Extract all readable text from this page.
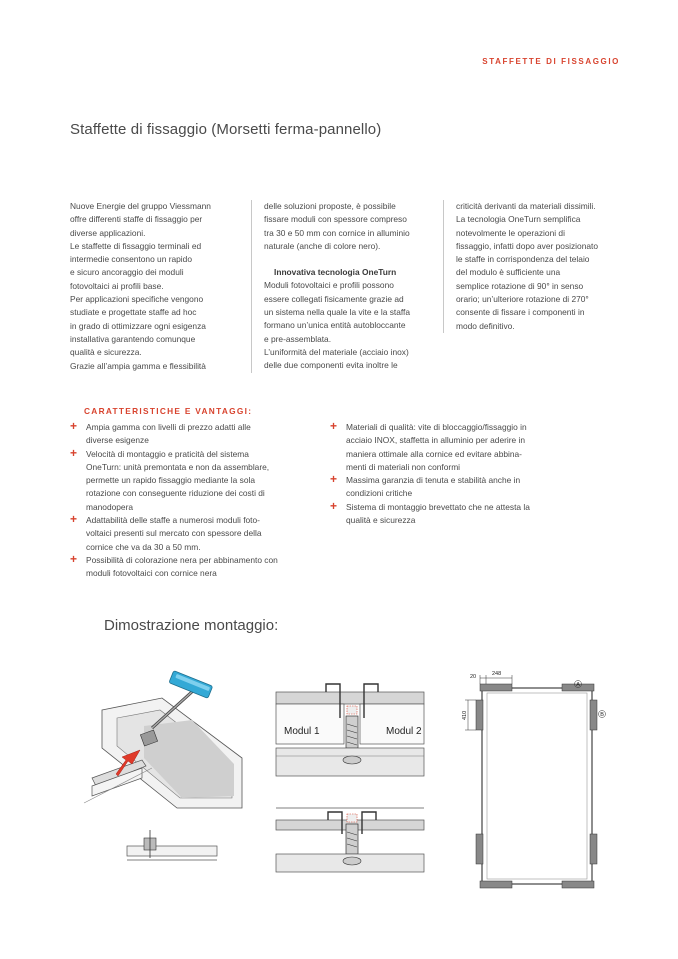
STAFFETTE DI FISSAGGIO
Staffette di fissaggio (Morsetti ferma-pannello)

Nuove Energie del gruppo Viessmann
offre differenti staffe di fissaggio per
diverse applicazioni.
Le staffette di fissaggio terminali ed
intermedie consentono un rapido
e sicuro ancoraggio dei moduli
fotovoltaici ai profili base.
Per applicazioni specifiche vengono
studiate e progettate staffe ad hoc
in grado di ottimizzare ogni esigenza
installativa garantendo comunque
qualità e sicurezza.
Grazie all’ampia gamma e flessibilità

delle soluzioni proposte, è possibile
fissare moduli con spessore compreso
tra 30 e 50 mm con cornice in alluminio
naturale (anche di colore nero).

Innovativa tecnologia OneTurn

Moduli fotovoltaici e profili possono
essere collegati fisicamente grazie ad
un sistema nella quale la vite e la staffa
formano un’unica entità autobloccante
e pre-assemblata.
L’uniformità del materiale (acciaio inox)
delle due componenti evita inoltre le

criticità derivanti da materiali dissimili.
La tecnologia OneTurn semplifica
notevolmente le operazioni di
fissaggio, infatti dopo aver posizionato
le staffe in corrispondenza del telaio
del modulo è sufficiente una
semplice rotazione di 90° in senso
orario; un’ulteriore rotazione di 270°
consente di fissare i componenti in
modo definitivo.

CARATTERISTICHE E VANTAGGI:
+ Ampia gamma con livelli di prezzo adatti alle
diverse esigenze
+ Velocità di montaggio e praticità del sistema
OneTurn: unità premontata e non da assemblare,
permette un rapido fissaggio mediante la sola
rotazione con conseguente riduzione dei costi di
manodopera
+ Adattabilità delle staffe a numerosi moduli foto-
voltaici presenti sul mercato con spessore della
cornice che va da 30 a 50 mm.
+ Possibilità di colorazione nera per abbinamento con
moduli fotovoltaici con cornice nera
+ Materiali di qualità: vite di bloccaggio/fissaggio in
acciaio INOX, staffetta in alluminio per aderire in
maniera ottimale alla cornice ed evitare abbina-
menti di materiali non conformi
+ Massima garanzia di tenuta e stabilità anche in
condizioni critiche
+ Sistema di montaggio brevettato che ne attesta la
qualità e sicurezza
Dimostrazione montaggio:
Modul 1	Modul 2
20	248
410
A
B
